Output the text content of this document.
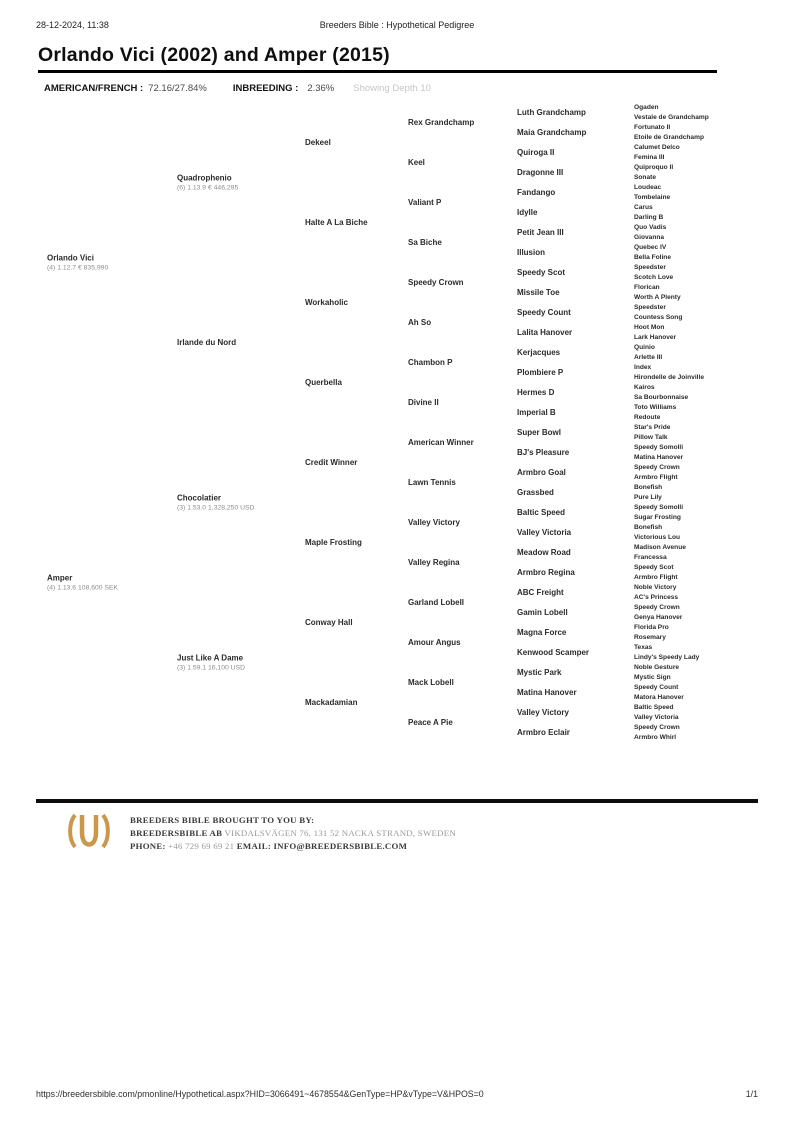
28-12-2024, 11:38	Breeders Bible : Hypothetical Pedigree
Orlando Vici (2002) and Amper (2015)
AMERICAN/FRENCH : 72.16/27.84%	INBREEDING : 2.36% Showing Depth 10
Orlando Vici
(4) 1.12.7 € 835,990
Amper
(4) 1.13.6 108,600 SEK
Quadrophenio
(6) 1.13.9 € 446,295
Irlande du Nord
Chocolatier
(3) 1.53.0 1,328,250 USD
Just Like A Dame
(3) 1.59.1 16,100 USD
Dekeel
Halte A La Biche
Workaholic
Querbella
Credit Winner
Maple Frosting
Conway Hall
Mackadamian
Rex Grandchamp
Keel
Valiant P
Sa Biche
Speedy Crown
Ah So
Chambon P
Divine II
American Winner
Lawn Tennis
Valley Victory
Valley Regina
Garland Lobell
Amour Angus
Mack Lobell
Peace A Pie
Luth Grandchamp
Maia Grandchamp
Quiroga II
Dragonne III
Fandango
Idylle
Petit Jean III
Illusion
Speedy Scot
Missile Toe
Speedy Count
Lalita Hanover
Kerjacques
Plombiere P
Hermes D
Imperial B
Super Bowl
BJ's Pleasure
Armbro Goal
Grassbed
Baltic Speed
Valley Victoria
Meadow Road
Armbro Regina
ABC Freight
Gamin Lobell
Magna Force
Kenwood Scamper
Mystic Park
Matina Hanover
Valley Victory
Armbro Eclair
Ogaden
Vestale de Grandchamp
Fortunato II
Etoile de Grandchamp
Calumet Delco
Femina III
Quiproquo II
Sonate
Loudeac
Tombelaine
Carus
Darling B
Quo Vadis
Giovanna
Quebec IV
Bella Foline
Speedster
Scotch Love
Florican
Worth A Plenty
Speedster
Countess Song
Hoot Mon
Lark Hanover
Quinio
Arlette III
Index
Hirondelle de Joinville
Kairos
Sa Bourbonnaise
Toto Williams
Redoute
Star's Pride
Pillow Talk
Speedy Somolli
Matina Hanover
Speedy Crown
Armbro Flight
Bonefish
Pure Lily
Speedy Somolli
Sugar Frosting
Bonefish
Victorious Lou
Madison Avenue
Francessa
Speedy Scot
Armbro Flight
Noble Victory
AC's Princess
Speedy Crown
Genya Hanover
Florida Pro
Rosemary
Texas
Lindy's Speedy Lady
Noble Gesture
Mystic Sign
Speedy Count
Matora Hanover
Baltic Speed
Valley Victoria
Speedy Crown
Armbro Whirl
BREEDERS BIBLE BROUGHT TO YOU BY:
BREEDERSBIBLE AB VIKDALSVÄGEN 76, 131 52 NACKA STRAND, SWEDEN
PHONE: +46 729 69 69 21 EMAIL: INFO@BREEDERSBIBLE.COM
https://breedersbible.com/pmonline/Hypothetical.aspx?HID=3066491~4678554&GenType=HP&vType=V&HPOS=0	1/1
